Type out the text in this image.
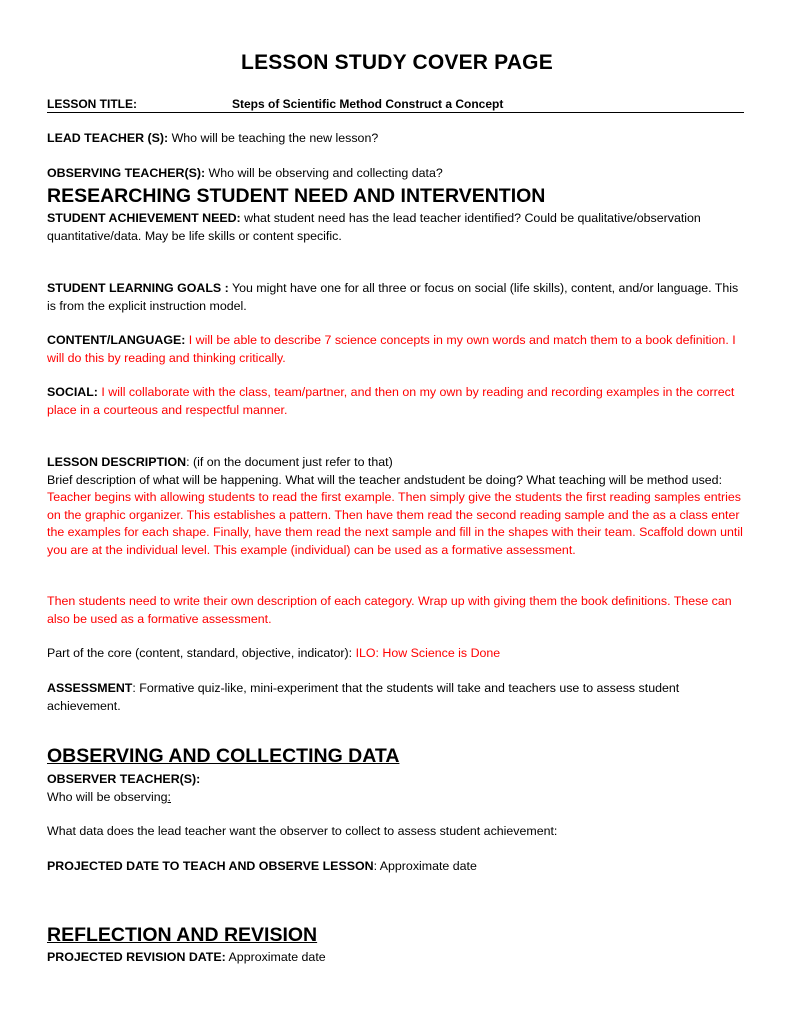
LESSON STUDY COVER PAGE
LESSON TITLE:	Steps of Scientific Method Construct a Concept
LEAD TEACHER (S): Who will be teaching the new lesson?
OBSERVING TEACHER(S): Who will be observing and collecting data?
RESEARCHING STUDENT NEED AND INTERVENTION
STUDENT ACHIEVEMENT NEED: what student need has the lead teacher identified? Could be qualitative/observation quantitative/data. May be life skills or content specific.
STUDENT LEARNING GOALS : You might have one for all three or focus on social (life skills), content, and/or language. This is from the explicit instruction model.
CONTENT/LANGUAGE: I will be able to describe 7 science concepts in my own words and match them to a book definition. I will do this by reading and thinking critically.
SOCIAL: I will collaborate with the class, team/partner, and then on my own by reading and recording examples in the correct place in a courteous and respectful manner.
LESSON DESCRIPTION: (if on the document just refer to that)
Brief description of what will be happening. What will the teacher andstudent be doing? What teaching will be method used: Teacher begins with allowing students to read the first example. Then simply give the students the first reading samples entries on the graphic organizer. This establishes a pattern. Then have them read the second reading sample and the as a class enter the examples for each shape. Finally, have them read the next sample and fill in the shapes with their team. Scaffold down until you are at the individual level. This example (individual) can be used as a formative assessment.
Then students need to write their own description of each category. Wrap up with giving them the book definitions. These can also be used as a formative assessment.
Part of the core (content, standard, objective, indicator): ILO: How Science is Done
ASSESSMENT: Formative quiz-like, mini-experiment that the students will take and teachers use to assess student achievement.
OBSERVING AND COLLECTING DATA
OBSERVER TEACHER(S):
Who will be observing:
What data does the lead teacher want the observer to collect to assess student achievement:
PROJECTED DATE TO TEACH AND OBSERVE LESSON: Approximate date
REFLECTION AND REVISION
PROJECTED REVISION DATE: Approximate date
